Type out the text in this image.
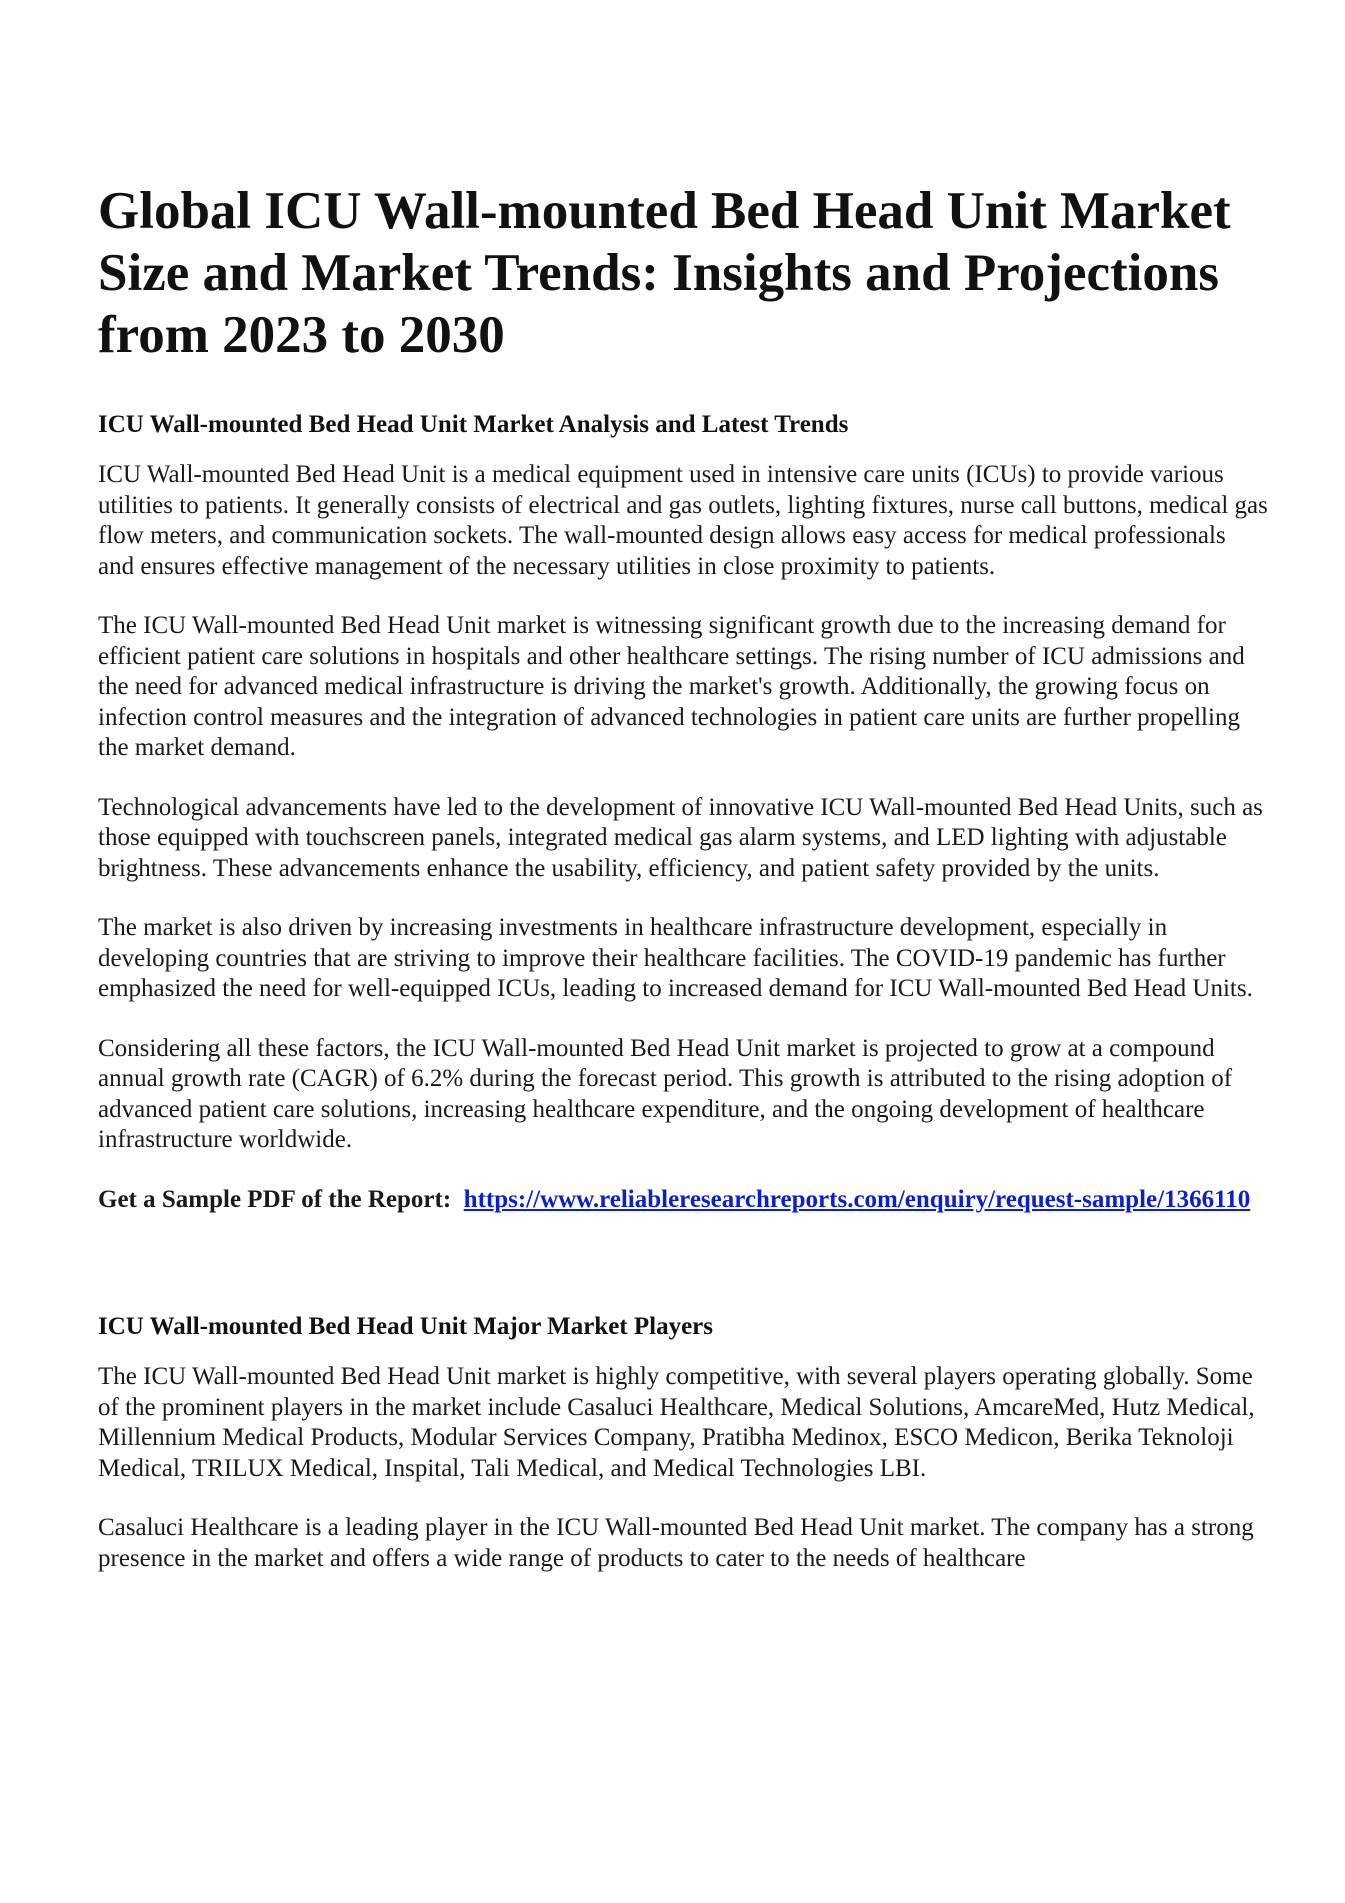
Global ICU Wall-mounted Bed Head Unit Market Size and Market Trends: Insights and Projections from 2023 to 2030
ICU Wall-mounted Bed Head Unit Market Analysis and Latest Trends

ICU Wall-mounted Bed Head Unit is a medical equipment used in intensive care units (ICUs) to provide various utilities to patients. It generally consists of electrical and gas outlets, lighting fixtures, nurse call buttons, medical gas flow meters, and communication sockets. The wall-mounted design allows easy access for medical professionals and ensures effective management of the necessary utilities in close proximity to patients.

The ICU Wall-mounted Bed Head Unit market is witnessing significant growth due to the increasing demand for efficient patient care solutions in hospitals and other healthcare settings. The rising number of ICU admissions and the need for advanced medical infrastructure is driving the market's growth. Additionally, the growing focus on infection control measures and the integration of advanced technologies in patient care units are further propelling the market demand.

Technological advancements have led to the development of innovative ICU Wall-mounted Bed Head Units, such as those equipped with touchscreen panels, integrated medical gas alarm systems, and LED lighting with adjustable brightness. These advancements enhance the usability, efficiency, and patient safety provided by the units.

The market is also driven by increasing investments in healthcare infrastructure development, especially in developing countries that are striving to improve their healthcare facilities. The COVID-19 pandemic has further emphasized the need for well-equipped ICUs, leading to increased demand for ICU Wall-mounted Bed Head Units.

Considering all these factors, the ICU Wall-mounted Bed Head Unit market is projected to grow at a compound annual growth rate (CAGR) of 6.2% during the forecast period. This growth is attributed to the rising adoption of advanced patient care solutions, increasing healthcare expenditure, and the ongoing development of healthcare infrastructure worldwide.

Get a Sample PDF of the Report: https://www.reliableresearchreports.com/enquiry/request-sample/1366110

ICU Wall-mounted Bed Head Unit Major Market Players

The ICU Wall-mounted Bed Head Unit market is highly competitive, with several players operating globally. Some of the prominent players in the market include Casaluci Healthcare, Medical Solutions, AmcareMed, Hutz Medical, Millennium Medical Products, Modular Services Company, Pratibha Medinox, ESCO Medicon, Berika Teknoloji Medical, TRILUX Medical, Inspital, Tali Medical, and Medical Technologies LBI.

Casaluci Healthcare is a leading player in the ICU Wall-mounted Bed Head Unit market. The company has a strong presence in the market and offers a wide range of products to cater to the needs of healthcare
